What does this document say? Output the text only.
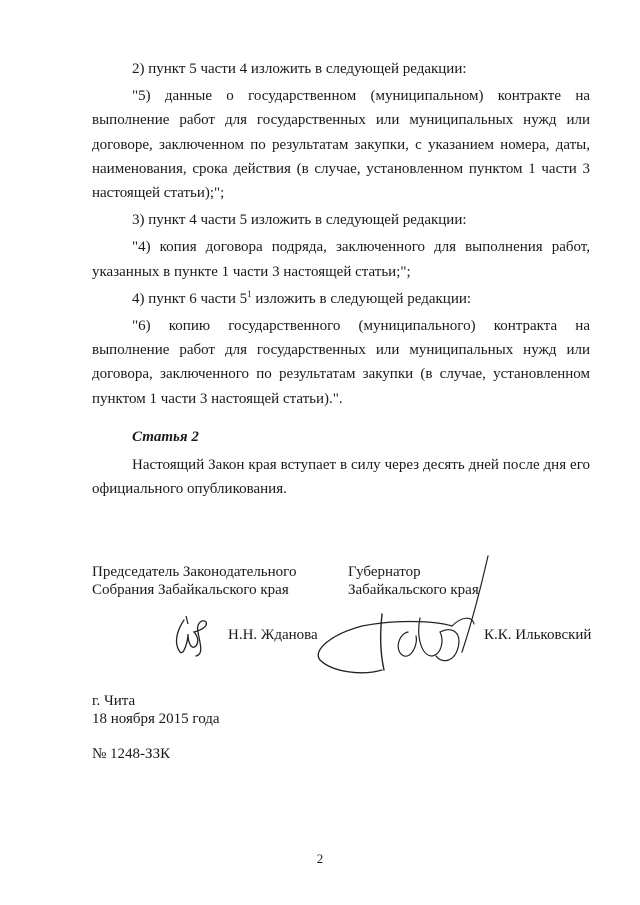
2) пункт 5 части 4 изложить в следующей редакции:

"5) данные о государственном (муниципальном) контракте на выполнение работ для государственных или муниципальных нужд или договоре, заключенном по результатам закупки, с указанием номера, даты, наименования, срока действия (в случае, установленном пунктом 1 части 3 настоящей статьи);";

3) пункт 4 части 5 изложить в следующей редакции:

"4) копия договора подряда, заключенного для выполнения работ, указанных в пункте 1 части 3 настоящей статьи;";

4) пункт 6 части $5^1$ изложить в следующей редакции:

"6) копию государственного (муниципального) контракта на выполнение работ для государственных или муниципальных нужд или договора, заключенного по результатам закупки (в случае, установленном пунктом 1 части 3 настоящей статьи).".

Статья 2

Настоящий Закон края вступает в силу через десять дней после дня его официального опубликования.

Председатель Законодательного
Собрания Забайкальского края
Губернатор
Забайкальского края
Н.Н. Жданова	К.К. Ильковский
г. Чита
18 ноября 2015 года
№ 1248-ЗЗК
2
